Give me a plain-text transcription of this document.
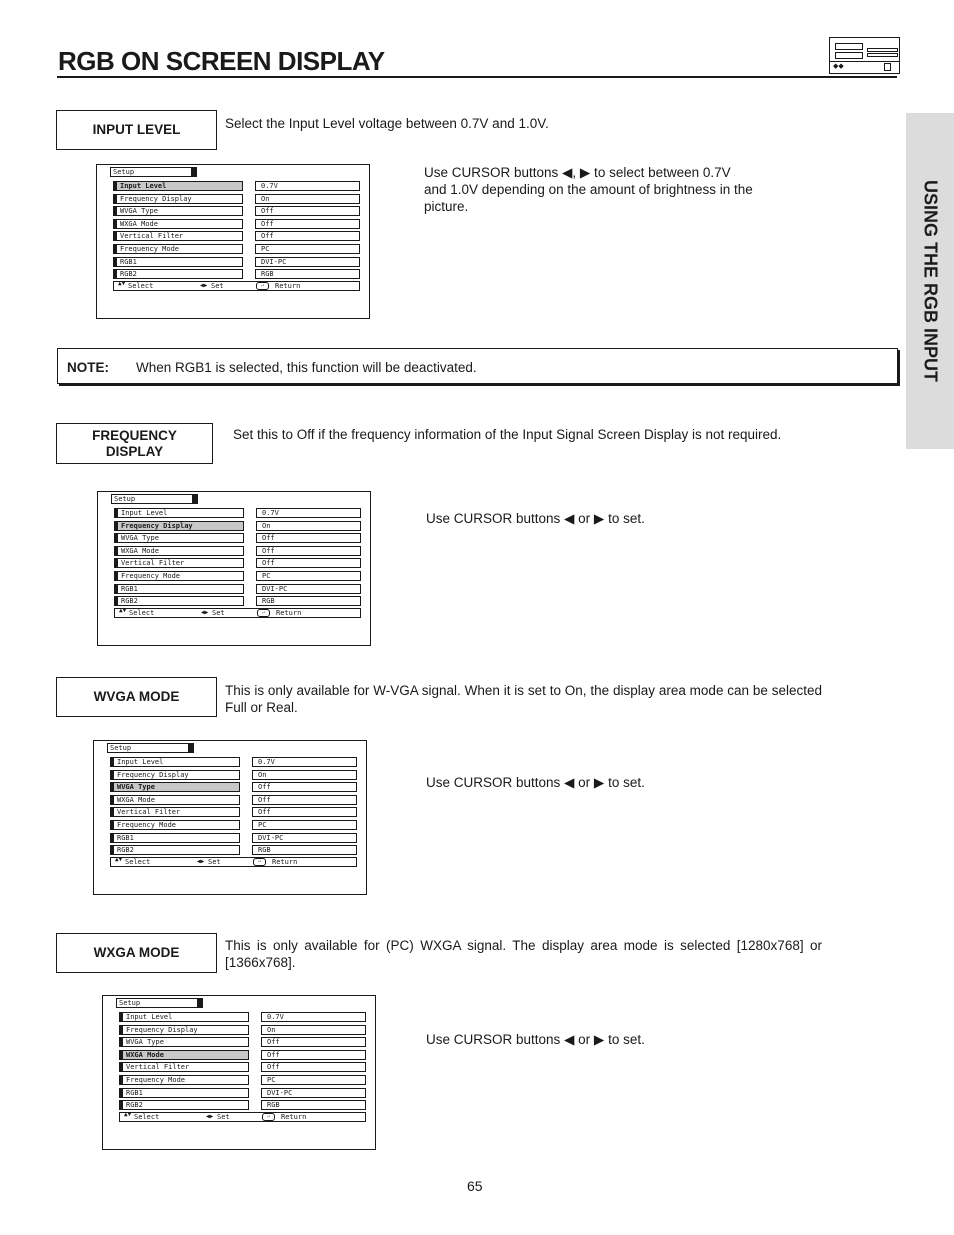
RGB ON SCREEN DISPLAY	◆◆
USING THE RGB INPUT
INPUT LEVEL	Select the Input Level voltage between 0.7V and 1.0V.
Setup
Input Level	0.7V
Frequency Display	On
WVGA Type	Off
WXGA Mode	Off
Vertical Filter	Off
Frequency Mode	PC
RGB1	DVI-PC
RGB2	RGB
▲▼ Select	◀▶ Set	⏎	Return
Use CURSOR buttons ◀, ▶ to select between 0.7V and 1.0V depending on the amount of brightness in the picture.
NOTE: When RGB1 is selected, this function will be deactivated.
FREQUENCY DISPLAY
Set this to Off if the frequency information of the Input Signal Screen Display is not required.
Setup
Input Level	0.7V
Frequency Display	On
WVGA Type	Off
WXGA Mode	Off
Vertical Filter	Off
Frequency Mode	PC
RGB1	DVI-PC
RGB2	RGB
▲▼ Select	◀▶ Set	⏎	Return
Use CURSOR buttons ◀ or ▶ to set.
WVGA MODE	This is only available for W-VGA signal. When it is set to On, the display area mode can be selected Full or Real.
Setup
Input Level	0.7V
Frequency Display	On
WVGA Type	Off
WXGA Mode	Off
Vertical Filter	Off
Frequency Mode	PC
RGB1	DVI-PC
RGB2	RGB
▲▼ Select	◀▶ Set	⏎	Return
Use CURSOR buttons ◀ or ▶ to set.
WXGA MODE	This is only available for (PC) WXGA signal. The display area mode is selected [1280x768] or [1366x768].
Setup
Input Level	0.7V
Frequency Display	On
WVGA Type	Off
WXGA Mode	Off
Vertical Filter	Off
Frequency Mode	PC
RGB1	DVI-PC
RGB2	RGB
▲▼ Select	◀▶ Set	⏎	Return
Use CURSOR buttons ◀ or ▶ to set.
65
